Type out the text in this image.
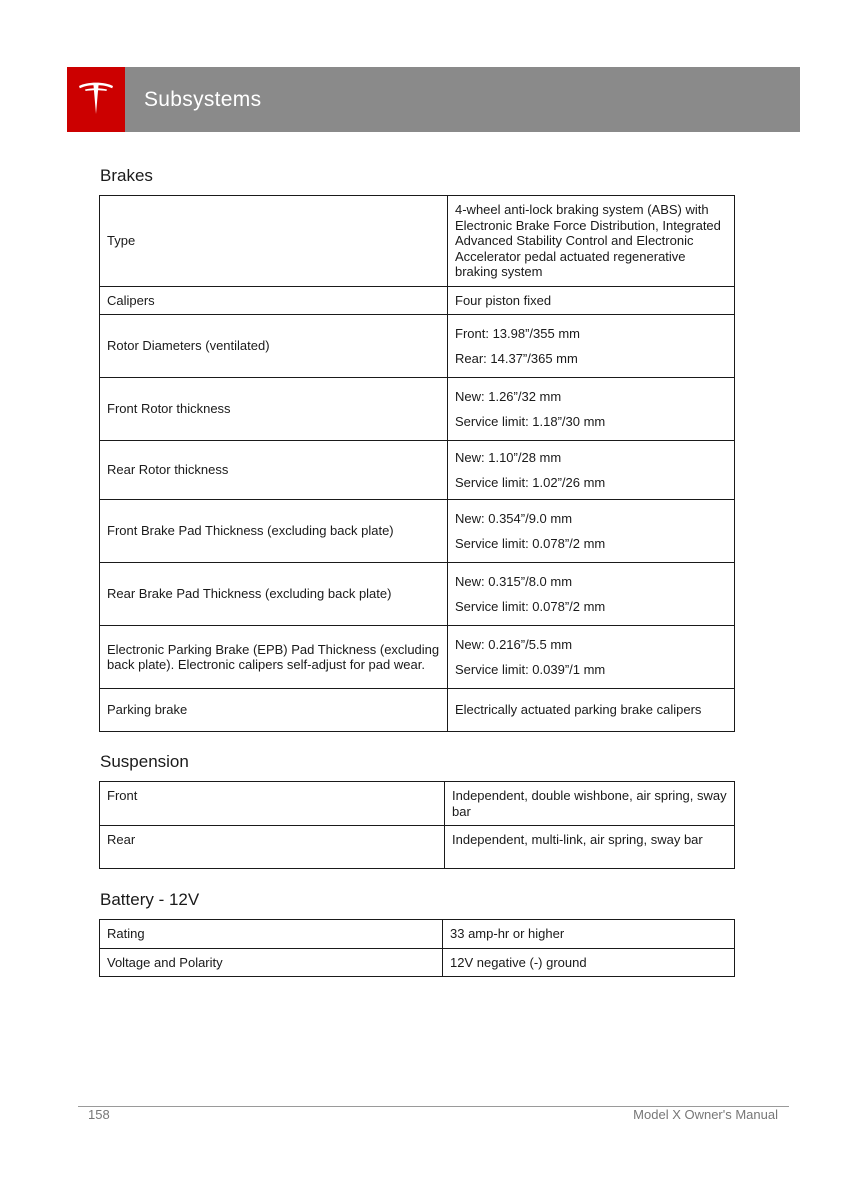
Subsystems
Brakes
Type	4-wheel anti-lock braking system (ABS) with Electronic Brake Force Distribution, Integrated Advanced Stability Control and Electronic Accelerator pedal actuated regenerative braking system

Calipers	Four piston fixed

Rotor Diameters (ventilated)	Front: 13.98”/355 mm

Rear: 14.37”/365 mm

Front Rotor thickness	New: 1.26”/32 mm

Service limit: 1.18”/30 mm

Rear Rotor thickness	New: 1.10”/28 mm

Service limit: 1.02”/26 mm

Front Brake Pad Thickness (excluding back plate)	New: 0.354”/9.0 mm

Service limit: 0.078”/2 mm

Rear Brake Pad Thickness (excluding back plate)	New: 0.315”/8.0 mm

Service limit: 0.078”/2 mm

Electronic Parking Brake (EPB) Pad Thickness (excluding back plate). Electronic calipers self-adjust for pad wear.	New: 0.216”/5.5 mm

Service limit: 0.039”/1 mm

Parking brake	Electrically actuated parking brake calipers

Suspension
Front	Independent, double wishbone, air spring, sway bar
Rear	Independent, multi-link, air spring, sway bar
Battery - 12V
Rating	33 amp-hr or higher
Voltage and Polarity	12V negative (-) ground
158	Model X Owner's Manual
